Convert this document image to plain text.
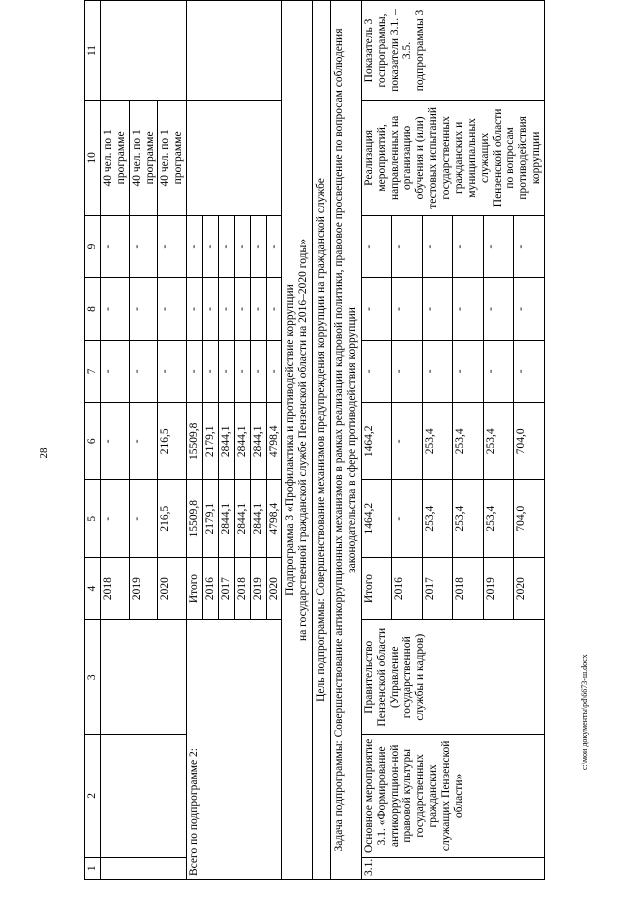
28
1	2	3	4	5	6	7	8	9	10	11
			2018	-	-	-	-	-	40 чел. по 1 программе	
			2019	-	-	-	-	-	40 чел. по 1 программе	
			2020	216,5	216,5	-	-	-	40 чел. по 1 программе	
Всего по подпрограмме 2:			Итого	15509,8	15509,8	-	-	-		
			2016	2179,1	2179,1	-	-	-		
			2017	2844,1	2844,1	-	-	-		
			2018	2844,1	2844,1	-	-	-		
			2019	2844,1	2844,1	-	-	-		
			2020	4798,4	4798,4	-	-	-		

Подпрограмма 3 «Профилактика и противодействие коррупции на государственной гражданской службе Пензенской области на 2016–2020 годы»										

Цель подпрограммы: Совершенствование механизмов предупреждения коррупции на гражданской службе										
Задача подпрограммы: Совершенствование антикоррупционных механизмов в рамках реализации кадровой политики, правовое просвещение по вопросам соблюдения законодательства в сфере противодействия коррупции										
3.1.	Основное мероприятие 3.1. «Формирование антикоррупцион-ной правовой культуры государственных гражданских служащих Пензенской области»	Правительство Пензенской области (Управление государственной службы и кадров)	Итого	1464,2	1464,2	-	-	-	Реализация мероприятий, направленных на организацию обучения и (или) тестовых испытаний государственных гражданских и муниципальных служащих Пензенской области по вопросам противодействия коррупции	Показатель 3 госпрограммы, показатели 3.1. – 3.5. подпрограммы 3
			2016	-	-	-	-	-		
			2017	253,4	253,4	-	-	-		
			2018	253,4	253,4	-	-	-		
			2019	253,4	253,4	-	-	-		
			2020	704,0	704,0	-	-	-		
c:\мои документы\pd\6673-ш.docx
